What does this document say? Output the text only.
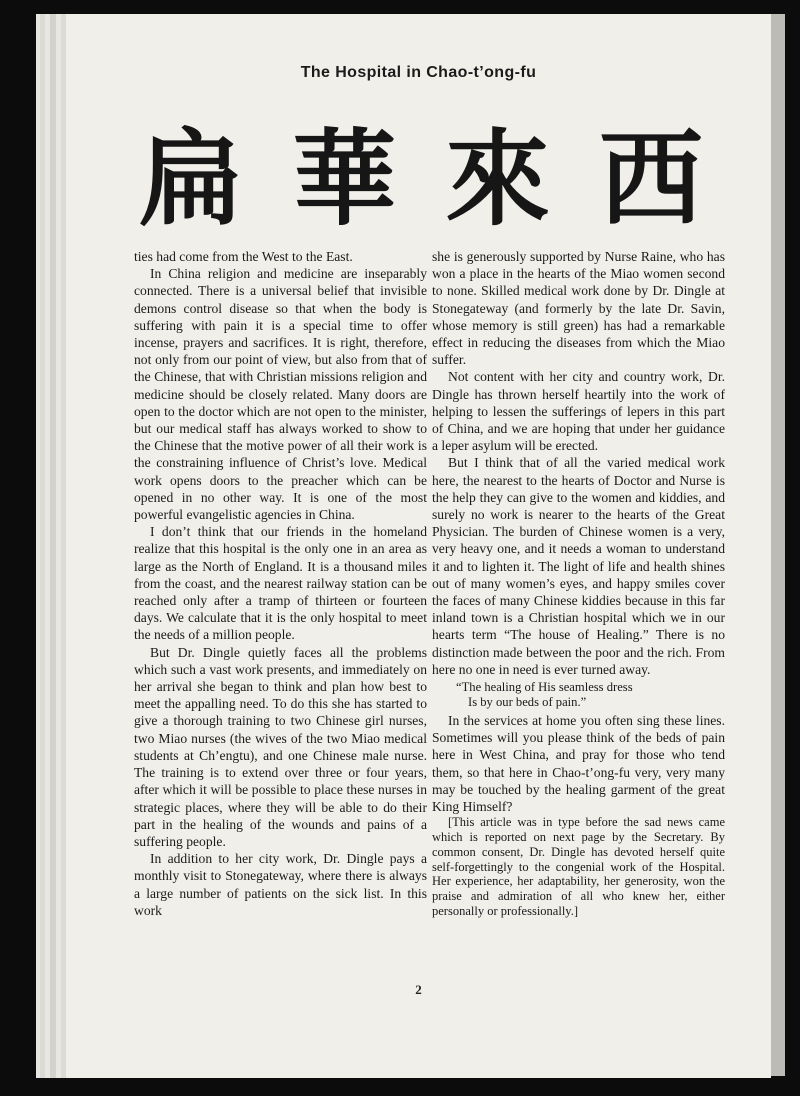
The Hospital in Chao-t’ong-fu
扁 華 來 西

ties had come from the West to the East.

In China religion and medicine are inseparably connected. There is a universal belief that invisible demons control disease so that when the body is suffering with pain it is a special time to offer incense, prayers and sacrifices. It is right, therefore, not only from our point of view, but also from that of the Chinese, that with Christian missions religion and medicine should be closely related. Many doors are open to the doctor which are not open to the minister, but our medical staff has always worked to show to the Chinese that the motive power of all their work is the constraining influence of Christ’s love. Medical work opens doors to the preacher which can be opened in no other way. It is one of the most powerful evangelistic agencies in China.

I don’t think that our friends in the homeland realize that this hospital is the only one in an area as large as the North of England. It is a thousand miles from the coast, and the nearest railway station can be reached only after a tramp of thirteen or fourteen days. We calculate that it is the only hospital to meet the needs of a million people.

But Dr. Dingle quietly faces all the problems which such a vast work presents, and immediately on her arrival she began to think and plan how best to meet the appalling need. To do this she has started to give a thorough training to two Chinese girl nurses, two Miao nurses (the wives of the two Miao medical students at Ch’engtu), and one Chinese male nurse. The training is to extend over three or four years, after which it will be possible to place these nurses in strategic places, where they will be able to do their part in the healing of the wounds and pains of a suffering people.

In addition to her city work, Dr. Dingle pays a monthly visit to Stonegateway, where there is always a large number of patients on the sick list. In this work

she is generously supported by Nurse Raine, who has won a place in the hearts of the Miao women second to none. Skilled medical work done by Dr. Dingle at Stonegateway (and formerly by the late Dr. Savin, whose memory is still green) has had a remarkable effect in reducing the diseases from which the Miao suffer.

Not content with her city and country work, Dr. Dingle has thrown herself heartily into the work of helping to lessen the sufferings of lepers in this part of China, and we are hoping that under her guidance a leper asylum will be erected.

But I think that of all the varied medical work here, the nearest to the hearts of Doctor and Nurse is the help they can give to the women and kiddies, and surely no work is nearer to the hearts of the Great Physician. The burden of Chinese women is a very, very heavy one, and it needs a woman to understand it and to lighten it. The light of life and health shines out of many women’s eyes, and happy smiles cover the faces of many Chinese kiddies because in this far inland town is a Christian hospital which we in our hearts term “The house of Healing.” There is no distinction made between the poor and the rich. From here no one in need is ever turned away.

“The healing of His seamless dress
Is by our beds of pain.”

In the services at home you often sing these lines. Sometimes will you please think of the beds of pain here in West China, and pray for those who tend them, so that here in Chao-t’ong-fu very, very many may be touched by the healing garment of the great King Himself?

[This article was in type before the sad news came which is reported on next page by the Secretary. By common consent, Dr. Dingle has devoted herself quite self-forgettingly to the congenial work of the Hospital. Her experience, her adaptability, her generosity, won the praise and admiration of all who knew her, either personally or professionally.]

2
